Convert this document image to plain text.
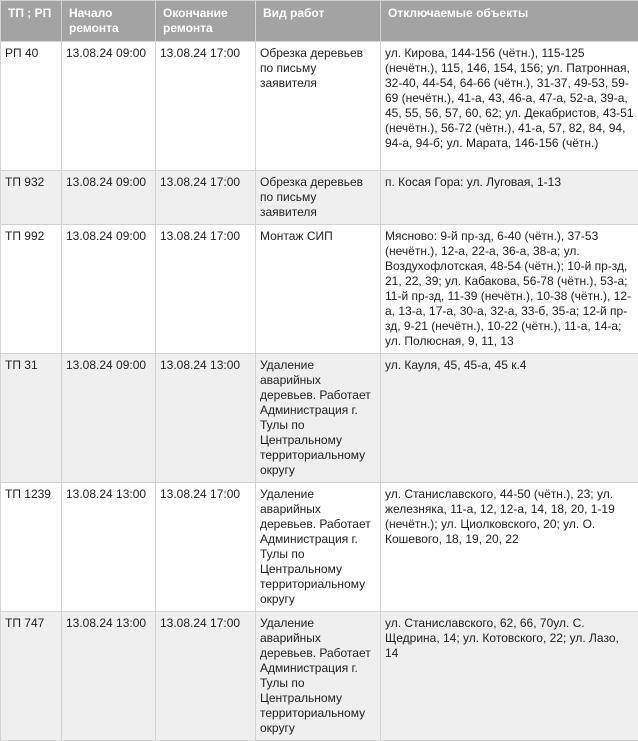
ТП ; РП	Начало ремонта	Окончание ремонта	Вид работ	Отключаемые объекты
РП 40	13.08.24 09:00	13.08.24 17:00	Обрезка деревьев по письму заявителя	ул. Кирова, 144-156 (чётн.), 115-125 (нечётн.), 115, 146, 154, 156; ул. Патронная, 32-40, 44-54, 64-66 (чётн.), 31-37, 49-53, 59-69 (нечётн.), 41-а, 43, 46-а, 47-а, 52-а, 39-а, 45, 55, 56, 57, 60, 62; ул. Декабристов, 43-51 (нечётн.), 56-72 (чётн.), 41-а, 57, 82, 84, 94, 94-а, 94-б; ул. Марата, 146-156 (чётн.)
ТП 932	13.08.24 09:00	13.08.24 17:00	Обрезка деревьев по письму заявителя	п. Косая Гора: ул. Луговая, 1-13
ТП 992	13.08.24 09:00	13.08.24 17:00	Монтаж СИП	Мясново: 9-й пр-зд, 6-40 (чётн.), 37-53 (нечётн.), 12-а, 22-а, 36-а, 38-а; ул. Воздухофлотская, 48-54 (чётн.); 10-й пр-зд, 21, 22, 39; ул. Кабакова, 56-78 (чётн.), 53-а; 11-й пр-зд, 11-39 (нечётн.), 10-38 (чётн.), 12-а, 13-а, 17-а, 30-а, 32-а, 33-б, 35-а; 12-й пр-зд, 9-21 (нечётн.), 10-22 (чётн.), 11-а, 14-а; ул. Полюсная, 9, 11, 13
ТП 31	13.08.24 09:00	13.08.24 13:00	Удаление аварийных деревьев. Работает Администрация г. Тулы по Центральному территориальному округу	ул. Кауля, 45, 45-а, 45 к.4
ТП 1239	13.08.24 13:00	13.08.24 17:00	Удаление аварийных деревьев. Работает Администрация г. Тулы по Центральному территориальному округу	ул. Станиславского, 44-50 (чётн.), 23; ул. железняка, 11-а, 12, 12-а, 14, 18, 20, 1-19 (нечётн.); ул. Циолковского, 20; ул. О. Кошевого, 18, 19, 20, 22
ТП 747	13.08.24 13:00	13.08.24 17:00	Удаление аварийных деревьев. Работает Администрация г. Тулы по Центральному территориальному округу	ул. Станиславского, 62, 66, 70ул. С. Щедрина, 14; ул. Котовского, 22; ул. Лазо, 14
